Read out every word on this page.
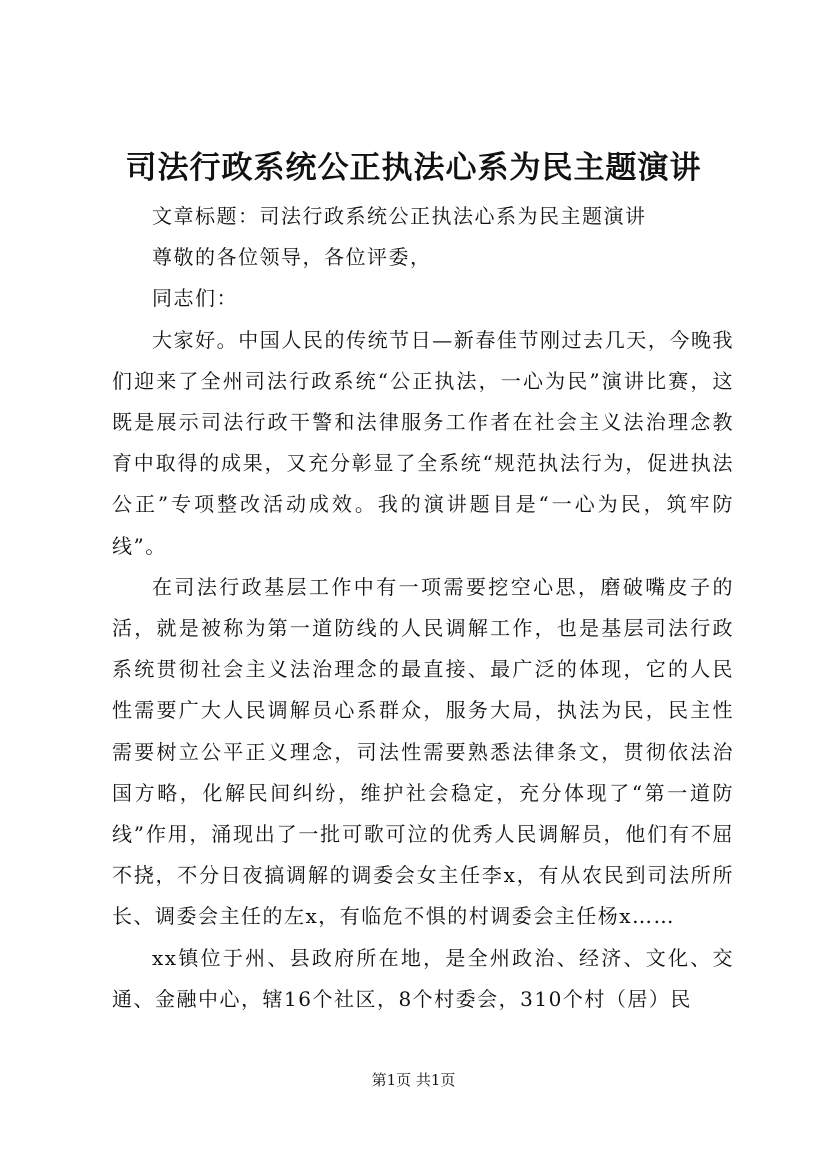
司法行政系统公正执法心系为民主题演讲

文章标题：司法行政系统公正执法心系为民主题演讲

尊敬的各位领导，各位评委，

同志们：

大家好。中国人民的传统节日—新春佳节刚过去几天，今晚我们迎来了全州司法行政系统“公正执法，一心为民”演讲比赛，这既是展示司法行政干警和法律服务工作者在社会主义法治理念教育中取得的成果，又充分彰显了全系统“规范执法行为，促进执法公正”专项整改活动成效。我的演讲题目是“一心为民，筑牢防线”。

在司法行政基层工作中有一项需要挖空心思，磨破嘴皮子的活，就是被称为第一道防线的人民调解工作，也是基层司法行政系统贯彻社会主义法治理念的最直接、最广泛的体现，它的人民性需要广大人民调解员心系群众，服务大局，执法为民，民主性需要树立公平正义理念，司法性需要熟悉法律条文，贯彻依法治国方略，化解民间纠纷，维护社会稳定，充分体现了“第一道防线”作用，涌现出了一批可歌可泣的优秀人民调解员，他们有不屈不挠，不分日夜搞调解的调委会女主任李x，有从农民到司法所所长、调委会主任的左x，有临危不惧的村调委会主任杨x……

xx镇位于州、县政府所在地，是全州政治、经济、文化、交通、金融中心，辖16个社区，8个村委会，310个村（居）民

第1页 共1页
